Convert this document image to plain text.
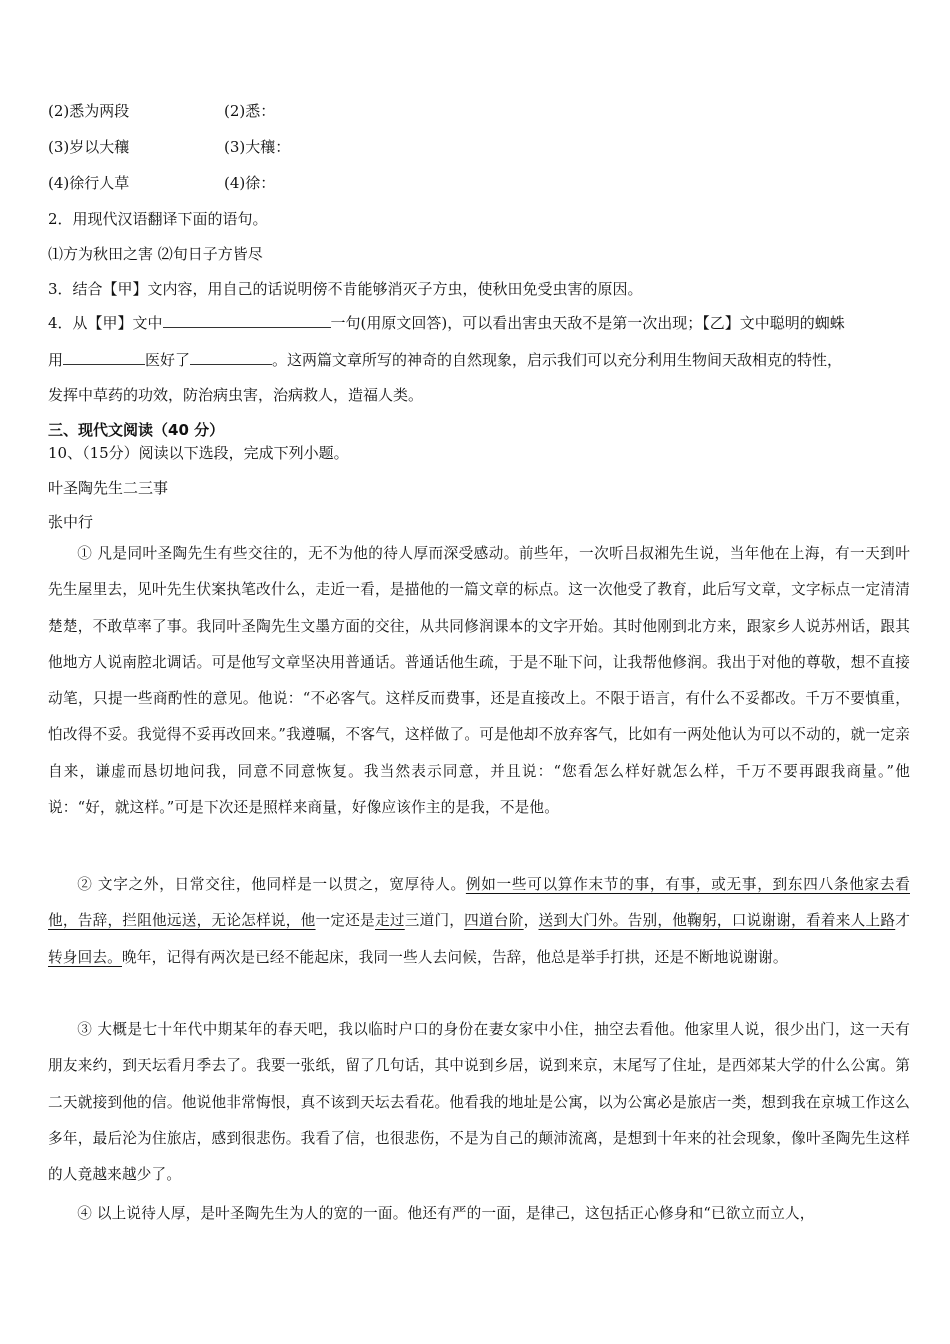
(2)悉为两段	(2)悉：
(3)岁以大穰	(3)大穰：
(4)徐行人草	(4)徐：
2．用现代汉语翻译下面的语句。
⑴方为秋田之害 ⑵旬日子方皆尽
3．结合【甲】文内容，用自己的话说明傍不肯能够消灭子方虫，使秋田免受虫害的原因。
4．从【甲】文中	一句(用原文回答)，可以看出害虫天敌不是第一次出现；【乙】文中聪明的蜘蛛
用	医好了	。这两篇文章所写的神奇的自然现象，启示我们可以充分利用生物间天敌相克的特性，
发挥中草药的功效，防治病虫害，治病救人，造福人类。
三、现代文阅读（40 分）
10、（15分）阅读以下选段，完成下列小题。
叶圣陶先生二三事
张中行
① 凡是同叶圣陶先生有些交往的，无不为他的待人厚而深受感动。前些年，一次听吕叔湘先生说，当年他在上海，有一天到叶先生屋里去，见叶先生伏案执笔改什么，走近一看，是描他的一篇文章的标点。这一次他受了教育，此后写文章，文字标点一定清清楚楚，不敢草率了事。我同叶圣陶先生文墨方面的交往，从共同修润课本的文字开始。其时他刚到北方来，跟家乡人说苏州话，跟其他地方人说南腔北调话。可是他写文章坚决用普通话。普通话他生疏，于是不耻下问，让我帮他修润。我出于对他的尊敬，想不直接动笔，只提一些商酌性的意见。他说：“不必客气。这样反而费事，还是直接改上。不限于语言，有什么不妥都改。千万不要慎重，怕改得不妥。我觉得不妥再改回来。”我遵嘱，不客气，这样做了。可是他却不放弃客气，比如有一两处他认为可以不动的，就一定亲自来，谦虚而恳切地问我，同意不同意恢复。我当然表示同意，并且说：“您看怎么样好就怎么样，千万不要再跟我商量。”他说：“好，就这样。”可是下次还是照样来商量，好像应该作主的是我，不是他。
② 文字之外，日常交往，他同样是一以贯之，宽厚待人。例如一些可以算作末节的事，有事，或无事，到东四八条他家去看他，告辞，拦阻他远送，无论怎样说，他一定还是走过三道门，四道台阶，送到大门外。告别，他鞠躬，口说谢谢，看着来人上路才转身回去。晚年，记得有两次是已经不能起床，我同一些人去问候，告辞，他总是举手打拱，还是不断地说谢谢。
③ 大概是七十年代中期某年的春天吧，我以临时户口的身份在妻女家中小住，抽空去看他。他家里人说，很少出门，这一天有朋友来约，到天坛看月季去了。我要一张纸，留了几句话，其中说到乡居，说到来京，末尾写了住址，是西郊某大学的什么公寓。第二天就接到他的信。他说他非常悔恨，真不该到天坛去看花。他看我的地址是公寓，以为公寓必是旅店一类，想到我在京城工作这么多年，最后沦为住旅店，感到很悲伤。我看了信，也很悲伤，不是为自己的颠沛流离，是想到十年来的社会现象，像叶圣陶先生这样的人竟越来越少了。
④ 以上说待人厚，是叶圣陶先生为人的宽的一面。他还有严的一面，是律己，这包括正心修身和“已欲立而立人，
